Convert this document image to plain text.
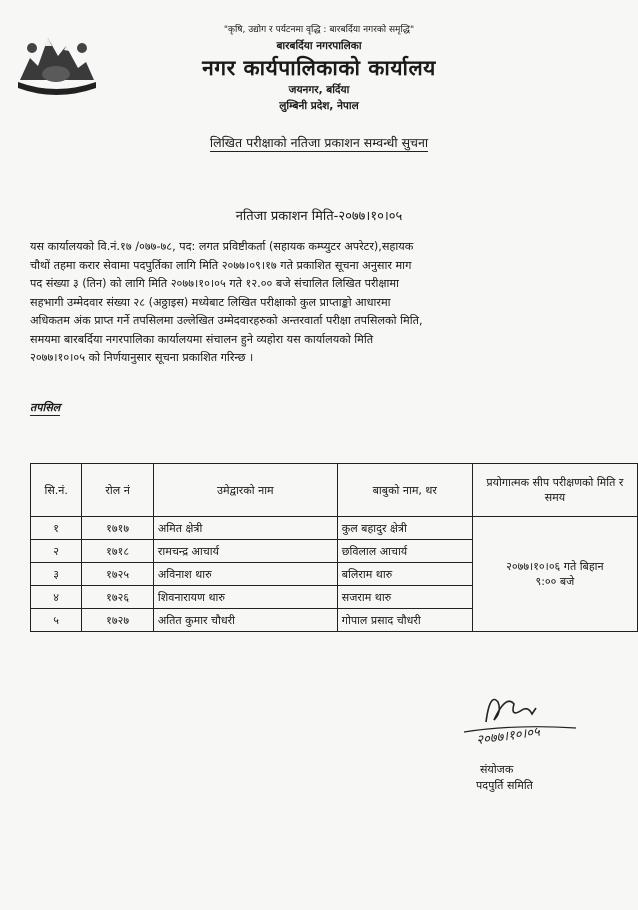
"कृषि, उद्योग र पर्यटनमा वृद्धि : बारबर्दिया नगरको समृद्धि"
बारबर्दिया नगरपालिका
नगर कार्यपालिकाको कार्यालय
जयनगर, बर्दिया
लुम्बिनी प्रदेश, नेपाल
लिखित परीक्षाको नतिजा प्रकाशन सम्वन्धी सुचना
नतिजा प्रकाशन मिति-२०७७।१०।०५
यस कार्यालयको वि.नं.१७ /०७७-७८, पद: लगत प्रविष्टीकर्ता (सहायक कम्प्युटर अपरेटर),सहायक
चौथों तहमा करार सेवामा पदपुर्तिका लागि मिति २०७७।०९।१७ गते प्रकाशित सूचना अनुसार माग
पद संख्या ३ (तिन) को लागि मिति २०७७।१०।०५ गते १२.०० बजे संचालित लिखित परीक्षामा
सहभागी उम्मेदवार संख्या २८ (अठ्ठाइस) मध्येबाट लिखित परीक्षाको कुल प्राप्ताङ्को आधारमा
अधिकतम अंक प्राप्त गर्ने तपसिलमा उल्लेखित उम्मेदवारहरुको अन्तरवार्ता परीक्षा तपसिलको मिति,
समयमा बारबर्दिया नगरपालिका कार्यालयमा संचालन हुने व्यहोरा यस कार्यालयको मिति
२०७७।१०।०५ को निर्णयानुसार सूचना प्रकाशित गरिन्छ ।
तपसिल
सि.नं.	रोल नं	उमेद्वारको नाम	बाबुको नाम, थर	प्रयोगात्मक सीप परीक्षणको मिति र समय
१	१७१७	अमित क्षेत्री	कुल बहादुर क्षेत्री	२०७७।१०।०६ गते बिहान
९:०० बजे

२	१७१८	रामचन्द्र आचार्य	छविलाल आचार्य	
३	१७२५	अविनाश थारु	बलिराम थारु	
४	१७२६	शिवनारायण थारु	सजराम थारु	
५	१७२७	अतित कुमार चौधरी	गोपाल प्रसाद चौधरी	
२०७७।१०।०५
संयोजक
पदपुर्ति समिति
